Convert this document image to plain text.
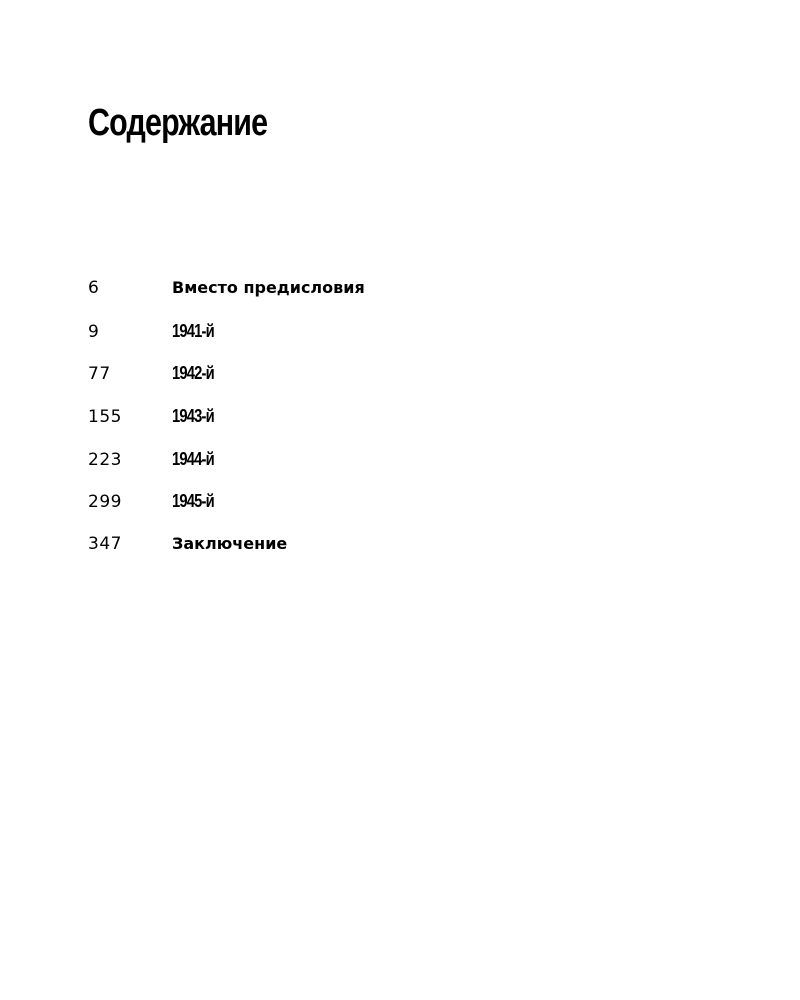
Содержание
6	Вместо предисловия
9	1941-й
77	1942-й
155	1943-й
223	1944-й
299	1945-й
347	Заключение
